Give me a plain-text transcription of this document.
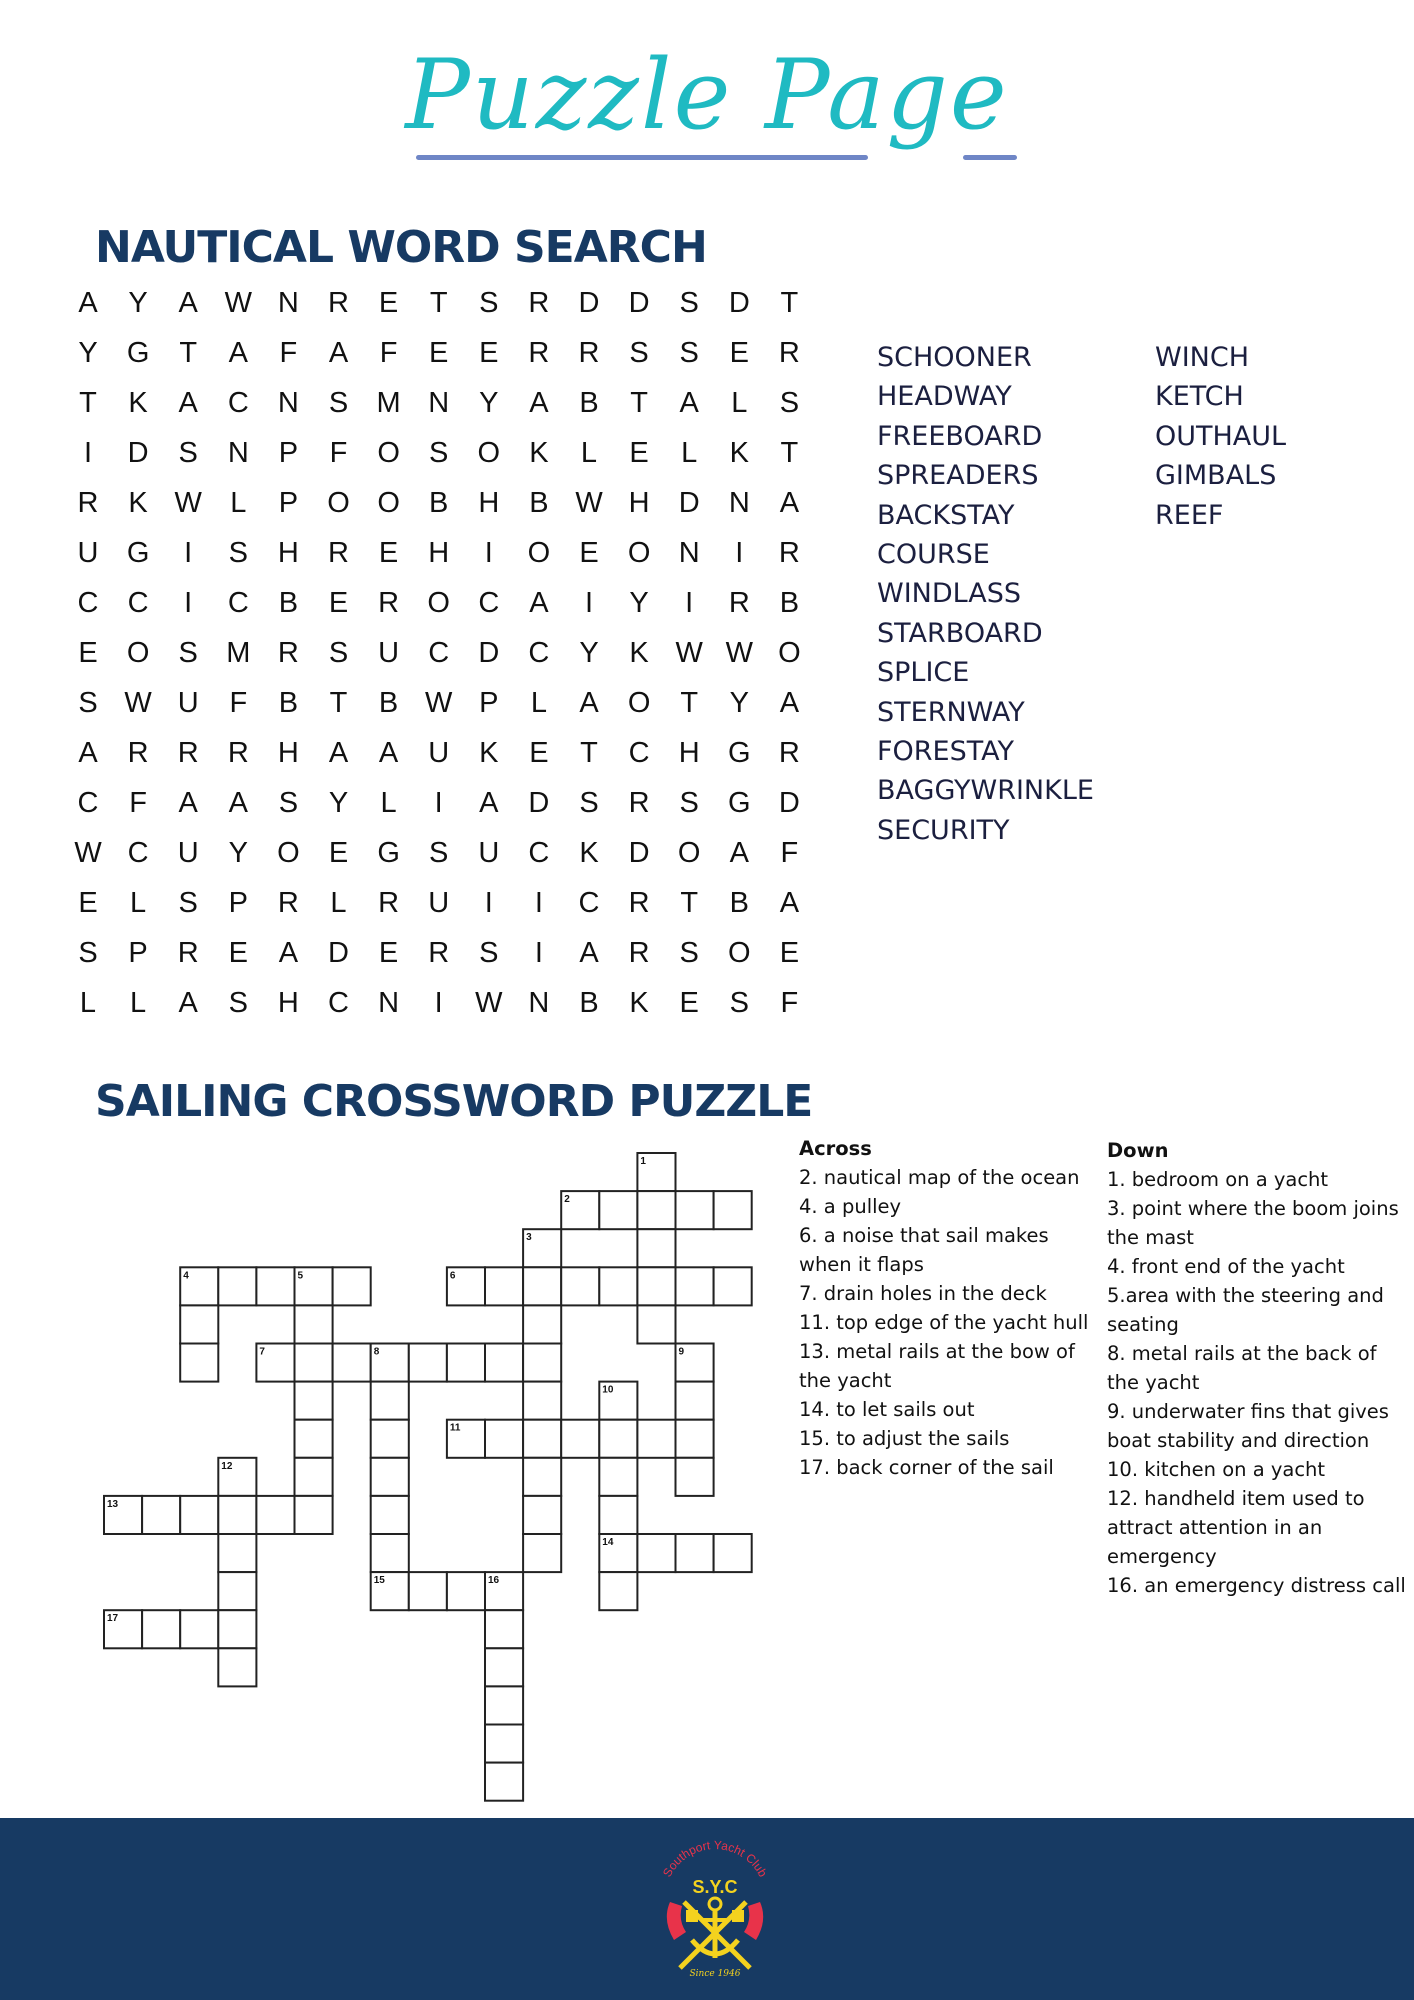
Puzzle Page
NAUTICAL WORD SEARCH
A	Y	A W N	R	E	T	S	R	D	D	S	D	T
Y	G	T	A	F	A	F	E	E	R	R	S	S	E	R
T	K	A	C	N	S M N	Y	A	B	T	A	L	S
I	D	S	N	P	F	O	S	O	K	L	E	L	K	T
R	K W L	P	O O	B	H	B W H	D	N	A
U G	I	S	H	R	E	H	I	O	E	O N	I	R
C	C	I	C	B	E	R O C	A	I	Y	I	R	B
E	O	S M R	S	U	C	D	C	Y	K W W O
S W U	F	B	T	B W P	L	A	O	T	Y	A
A	R	R	R	H	A	A	U	K	E	T	C	H G R
C	F	A	A	S	Y	L	I	A	D	S	R	S	G D
W C	U	Y	O	E	G	S	U	C	K	D O	A	F
E	L	S	P	R	L	R	U	I	I	C	R	T	B	A
S	P	R	E	A	D	E	R	S	I	A	R	S	O	E
L	L	A	S	H	C	N	I	W N	B	K	E	S	F
SCHOONER
HEADWAY
FREEBOARD
SPREADERS
BACKSTAY
COURSE
WINDLASS
STARBOARD
SPLICE
STERNWAY
FORESTAY
BAGGYWRINKLE
SECURITY
WINCH
KETCH
OUTHAUL
GIMBALS
REEF
SAILING CROSSWORD PUZZLE
1
2
3
4	5	6
7	8	9
10
11
12
13
14
15	16
17
Across
2. nautical map of the ocean
4. a pulley
6. a noise that sail makes when it flaps
7. drain holes in the deck
11. top edge of the yacht hull
13. metal rails at the bow of the yacht
14. to let sails out
15. to adjust the sails
17. back corner of the sail
Down
1. bedroom on a yacht
3. point where the boom joins the mast
4. front end of the yacht
5.area with the steering and seating
8. metal rails at the back of the yacht
9. underwater fins that gives boat stability and direction
10. kitchen on a yacht
12. handheld item used to attract attention in an emergency
16. an emergency distress call
Southport Yacht Club
S.Y.C
Since 1946
